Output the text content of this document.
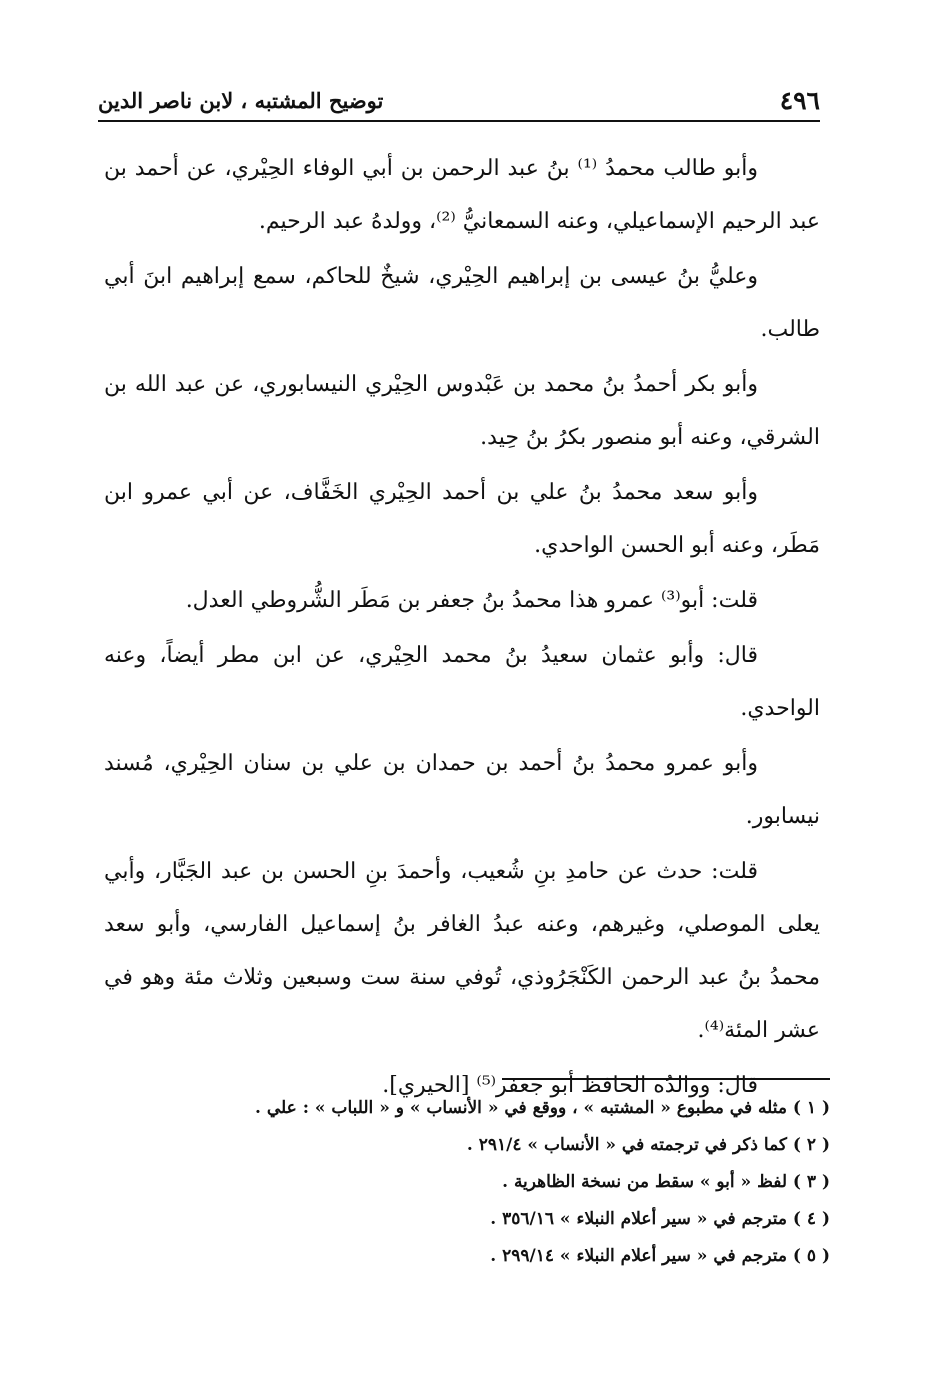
٤٩٦
توضيح المشتبه ، لابن ناصر الدين

وأبو طالب محمدُ ⁽¹⁾ بنُ عبد الرحمن بن أبي الوفاء الحِيْري، عن أحمد بن عبد الرحيم الإسماعيلي، وعنه السمعانيُّ ⁽²⁾، وولدهُ عبد الرحيم.

وعليُّ بنُ عيسى بن إبراهيم الحِيْري، شيخٌ للحاكم، سمع إبراهيم ابنَ أبي طالب.

وأبو بكر أحمدُ بنُ محمد بن عَبْدوس الحِيْري النيسابوري، عن عبد الله بن الشرقي، وعنه أبو منصور بكرُ بنُ حِيد.

وأبو سعد محمدُ بنُ علي بن أحمد الحِيْري الخَفَّاف، عن أبي عمرو ابن مَطَر، وعنه أبو الحسن الواحدي.

قلت: أبو⁽³⁾ عمرو هذا محمدُ بنُ جعفر بن مَطَر الشُّروطي العدل.

قال: وأبو عثمان سعيدُ بنُ محمد الحِيْري، عن ابن مطر أيضاً، وعنه الواحدي.

وأبو عمرو محمدُ بنُ أحمد بن حمدان بن علي بن سنان الحِيْري، مُسند نيسابور.

قلت: حدث عن حامدِ بنِ شُعيب، وأحمدَ بنِ الحسن بن عبد الجَبَّار، وأبي يعلى الموصلي، وغيرهم، وعنه عبدُ الغافر بنُ إسماعيل الفارسي، وأبو سعد محمدُ بنُ عبد الرحمن الكَنْجَرُوذي، تُوفي سنة ست وسبعين وثلاث مئة وهو في عشر المئة⁽⁴⁾.

قال: ووالدُه الحافظ أبو جعفر⁽⁵⁾ [الحيري].

( ١ ) مثله في مطبوع « المشتبه » ، ووقع في « الأنساب » و « اللباب » : علي .
( ٢ ) كما ذكر في ترجمته في « الأنساب » ٢٩١/٤ .
( ٣ ) لفظ « أبو » سقط من نسخة الظاهرية .
( ٤ ) مترجم في « سير أعلام النبلاء » ٣٥٦/١٦ .
( ٥ ) مترجم في « سير أعلام النبلاء » ٢٩٩/١٤ .
